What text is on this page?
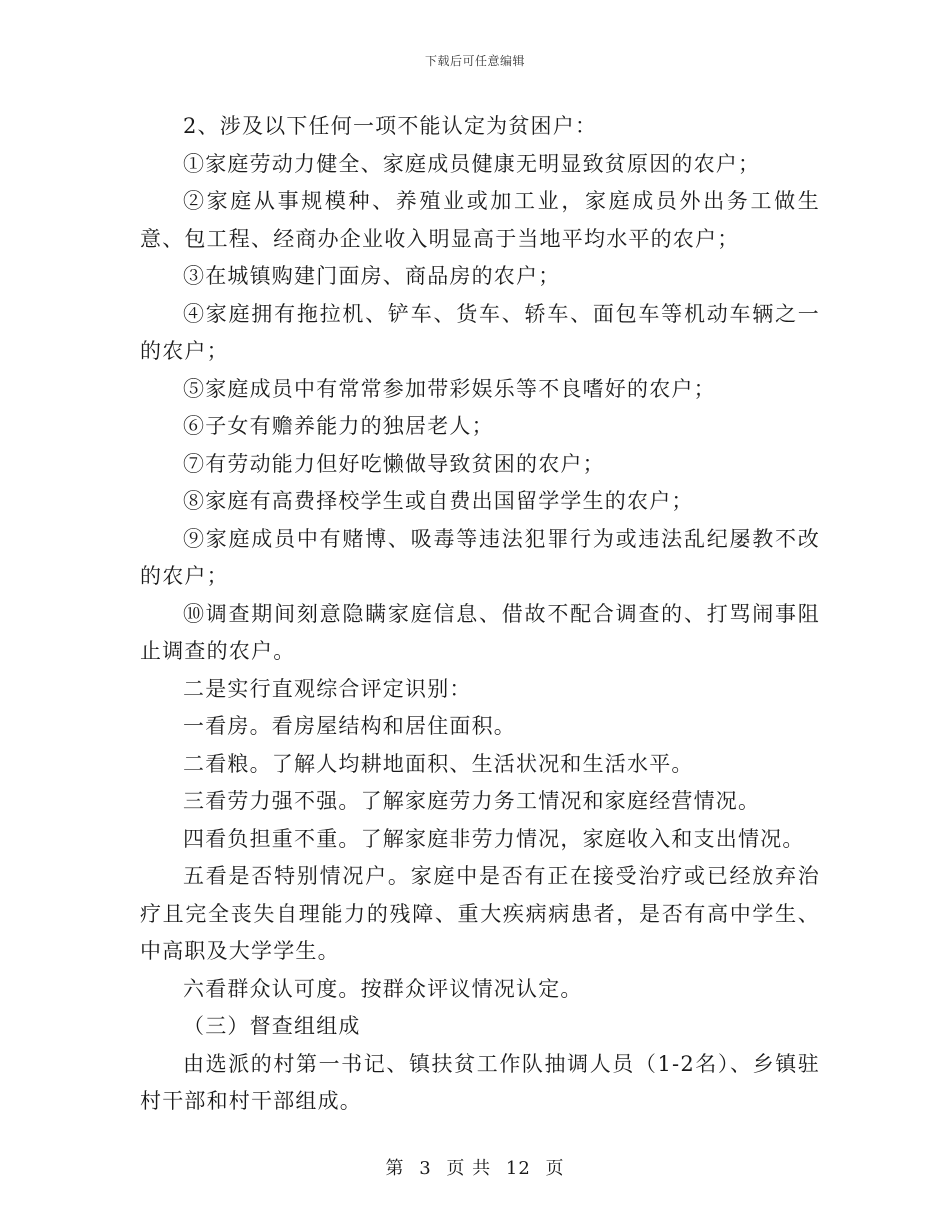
下载后可任意编辑

2、涉及以下任何一项不能认定为贫困户：

①家庭劳动力健全、家庭成员健康无明显致贫原因的农户；

②家庭从事规模种、养殖业或加工业，家庭成员外出务工做生意、包工程、经商办企业收入明显高于当地平均水平的农户；

③在城镇购建门面房、商品房的农户；

④家庭拥有拖拉机、铲车、货车、轿车、面包车等机动车辆之一的农户；

⑤家庭成员中有常常参加带彩娱乐等不良嗜好的农户；

⑥子女有赡养能力的独居老人；

⑦有劳动能力但好吃懒做导致贫困的农户；

⑧家庭有高费择校学生或自费出国留学学生的农户；

⑨家庭成员中有赌博、吸毒等违法犯罪行为或违法乱纪屡教不改的农户；

⑩调查期间刻意隐瞒家庭信息、借故不配合调查的、打骂闹事阻止调查的农户。

二是实行直观综合评定识别：

一看房。看房屋结构和居住面积。

二看粮。了解人均耕地面积、生活状况和生活水平。

三看劳力强不强。了解家庭劳力务工情况和家庭经营情况。

四看负担重不重。了解家庭非劳力情况，家庭收入和支出情况。

五看是否特别情况户。家庭中是否有正在接受治疗或已经放弃治疗且完全丧失自理能力的残障、重大疾病病患者，是否有高中学生、中高职及大学学生。

六看群众认可度。按群众评议情况认定。

（三）督查组组成

由选派的村第一书记、镇扶贫工作队抽调人员（1-2名）、乡镇驻村干部和村干部组成。

第 3 页 共 12 页
